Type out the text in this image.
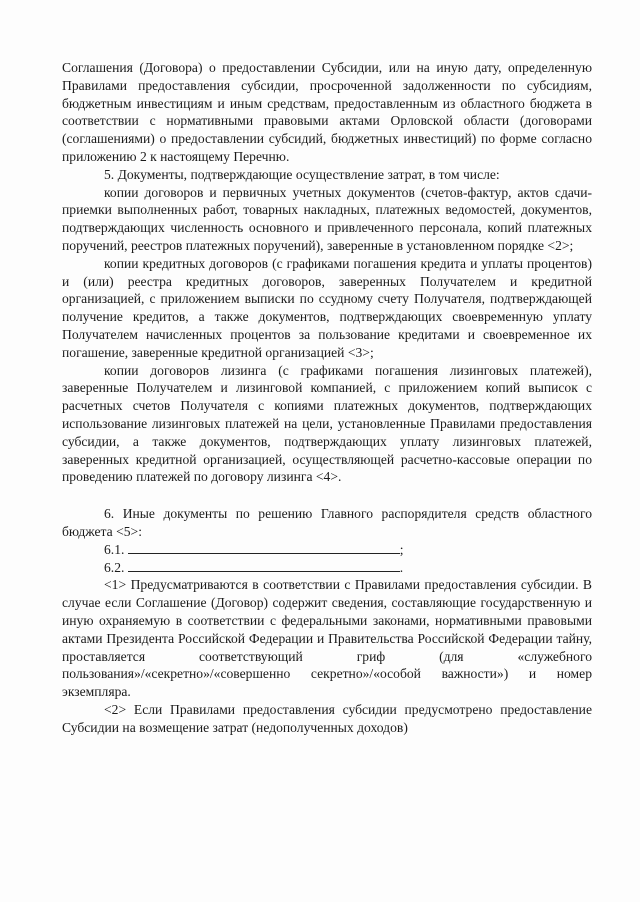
Соглашения (Договора) о предоставлении Субсидии, или на иную дату, определенную Правилами предоставления субсидии, просроченной задолженности по субсидиям, бюджетным инвестициям и иным средствам, предоставленным из областного бюджета в соответствии с нормативными правовыми актами Орловской области (договорами (соглашениями) о предоставлении субсидий, бюджетных инвестиций) по форме согласно приложению 2 к настоящему Перечню.

5. Документы, подтверждающие осуществление затрат, в том числе:

копии договоров и первичных учетных документов (счетов-фактур, актов сдачи-приемки выполненных работ, товарных накладных, платежных ведомостей, документов, подтверждающих численность основного и привлеченного персонала, копий платежных поручений, реестров платежных поручений), заверенные в установленном порядке <2>;

копии кредитных договоров (с графиками погашения кредита и уплаты процентов) и (или) реестра кредитных договоров, заверенных Получателем и кредитной организацией, с приложением выписки по ссудному счету Получателя, подтверждающей получение кредитов, а также документов, подтверждающих своевременную уплату Получателем начисленных процентов за пользование кредитами и своевременное их погашение, заверенные кредитной организацией <3>;

копии договоров лизинга (с графиками погашения лизинговых платежей), заверенные Получателем и лизинговой компанией, с приложением копий выписок с расчетных счетов Получателя с копиями платежных документов, подтверждающих использование лизинговых платежей на цели, установленные Правилами предоставления субсидии, а также документов, подтверждающих уплату лизинговых платежей, заверенных кредитной организацией, осуществляющей расчетно-кассовые операции по проведению платежей по договору лизинга <4>.

6. Иные документы по решению Главного распорядителя средств областного бюджета <5>:

6.1.	;

6.2.	.

<1> Предусматриваются в соответствии с Правилами предоставления субсидии. В случае если Соглашение (Договор) содержит сведения, составляющие государственную и иную охраняемую в соответствии с федеральными законами, нормативными правовыми актами Президента Российской Федерации и Правительства Российской Федерации тайну, проставляется соответствующий гриф (для «служебного пользования»/«секретно»/«совершенно секретно»/«особой важности») и номер экземпляра.

<2> Если Правилами предоставления субсидии предусмотрено предоставление Субсидии на возмещение затрат (недополученных доходов)
